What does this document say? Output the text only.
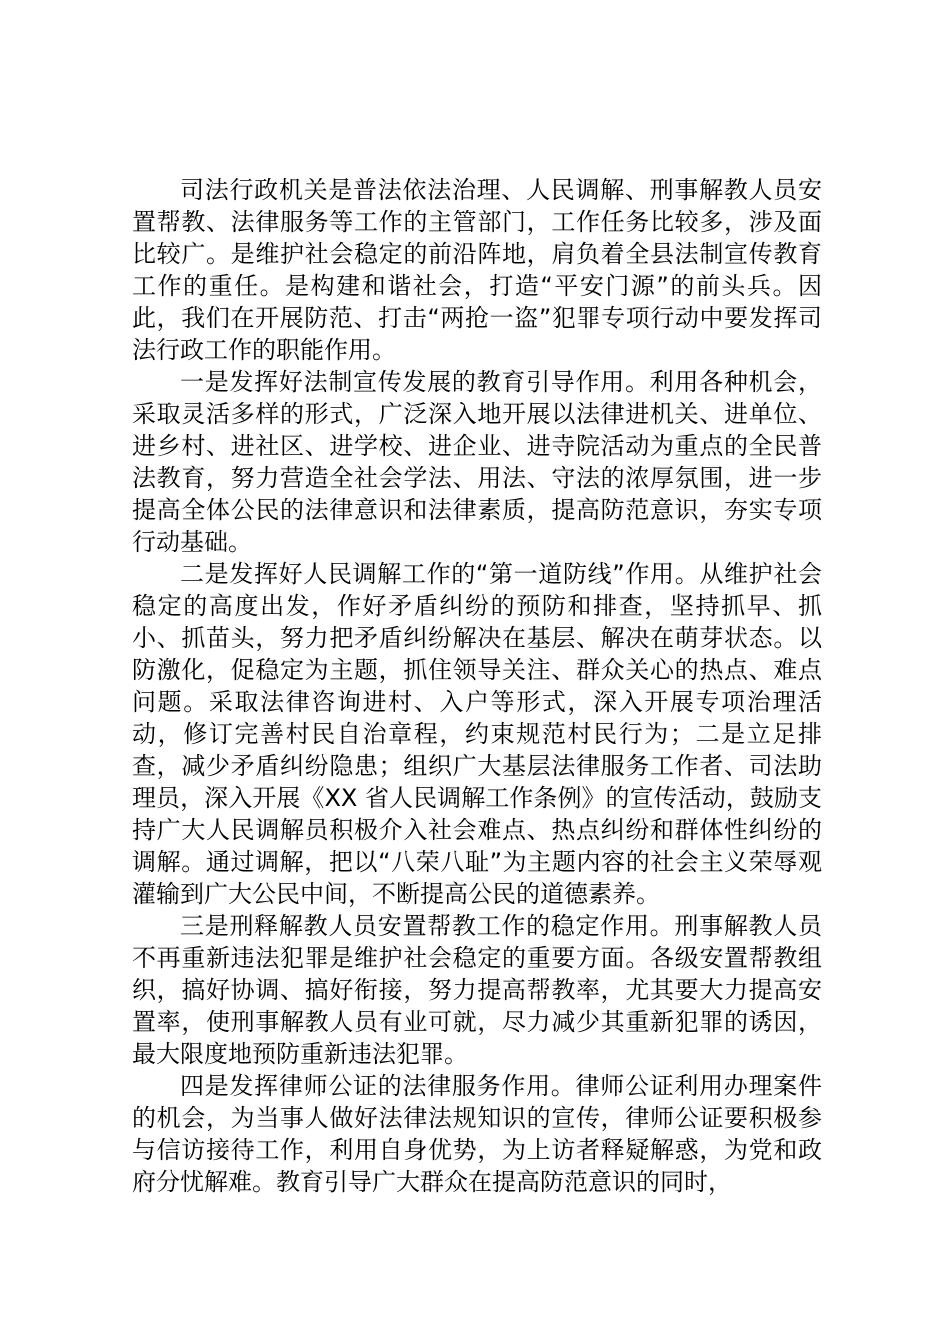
司法行政机关是普法依法治理、人民调解、刑事解教人员安置帮教、法律服务等工作的主管部门，工作任务比较多，涉及面比较广。是维护社会稳定的前沿阵地，肩负着全县法制宣传教育工作的重任。是构建和谐社会，打造“平安门源”的前头兵。因此，我们在开展防范、打击“两抢一盗”犯罪专项行动中要发挥司法行政工作的职能作用。

一是发挥好法制宣传发展的教育引导作用。利用各种机会，采取灵活多样的形式，广泛深入地开展以法律进机关、进单位、进乡村、进社区、进学校、进企业、进寺院活动为重点的全民普法教育，努力营造全社会学法、用法、守法的浓厚氛围，进一步提高全体公民的法律意识和法律素质，提高防范意识，夯实专项行动基础。

二是发挥好人民调解工作的“第一道防线”作用。从维护社会稳定的高度出发，作好矛盾纠纷的预防和排查，坚持抓早、抓小、抓苗头，努力把矛盾纠纷解决在基层、解决在萌芽状态。以防激化，促稳定为主题，抓住领导关注、群众关心的热点、难点问题。采取法律咨询进村、入户等形式，深入开展专项治理活动，修订完善村民自治章程，约束规范村民行为；二是立足排查，减少矛盾纠纷隐患；组织广大基层法律服务工作者、司法助理员，深入开展《XX 省人民调解工作条例》的宣传活动，鼓励支持广大人民调解员积极介入社会难点、热点纠纷和群体性纠纷的调解。通过调解，把以“八荣八耻”为主题内容的社会主义荣辱观灌输到广大公民中间，不断提高公民的道德素养。

三是刑释解教人员安置帮教工作的稳定作用。刑事解教人员不再重新违法犯罪是维护社会稳定的重要方面。各级安置帮教组织，搞好协调、搞好衔接，努力提高帮教率，尤其要大力提高安置率，使刑事解教人员有业可就，尽力减少其重新犯罪的诱因，最大限度地预防重新违法犯罪。

四是发挥律师公证的法律服务作用。律师公证利用办理案件的机会，为当事人做好法律法规知识的宣传，律师公证要积极参与信访接待工作，利用自身优势，为上访者释疑解惑，为党和政府分忧解难。教育引导广大群众在提高防范意识的同时，
